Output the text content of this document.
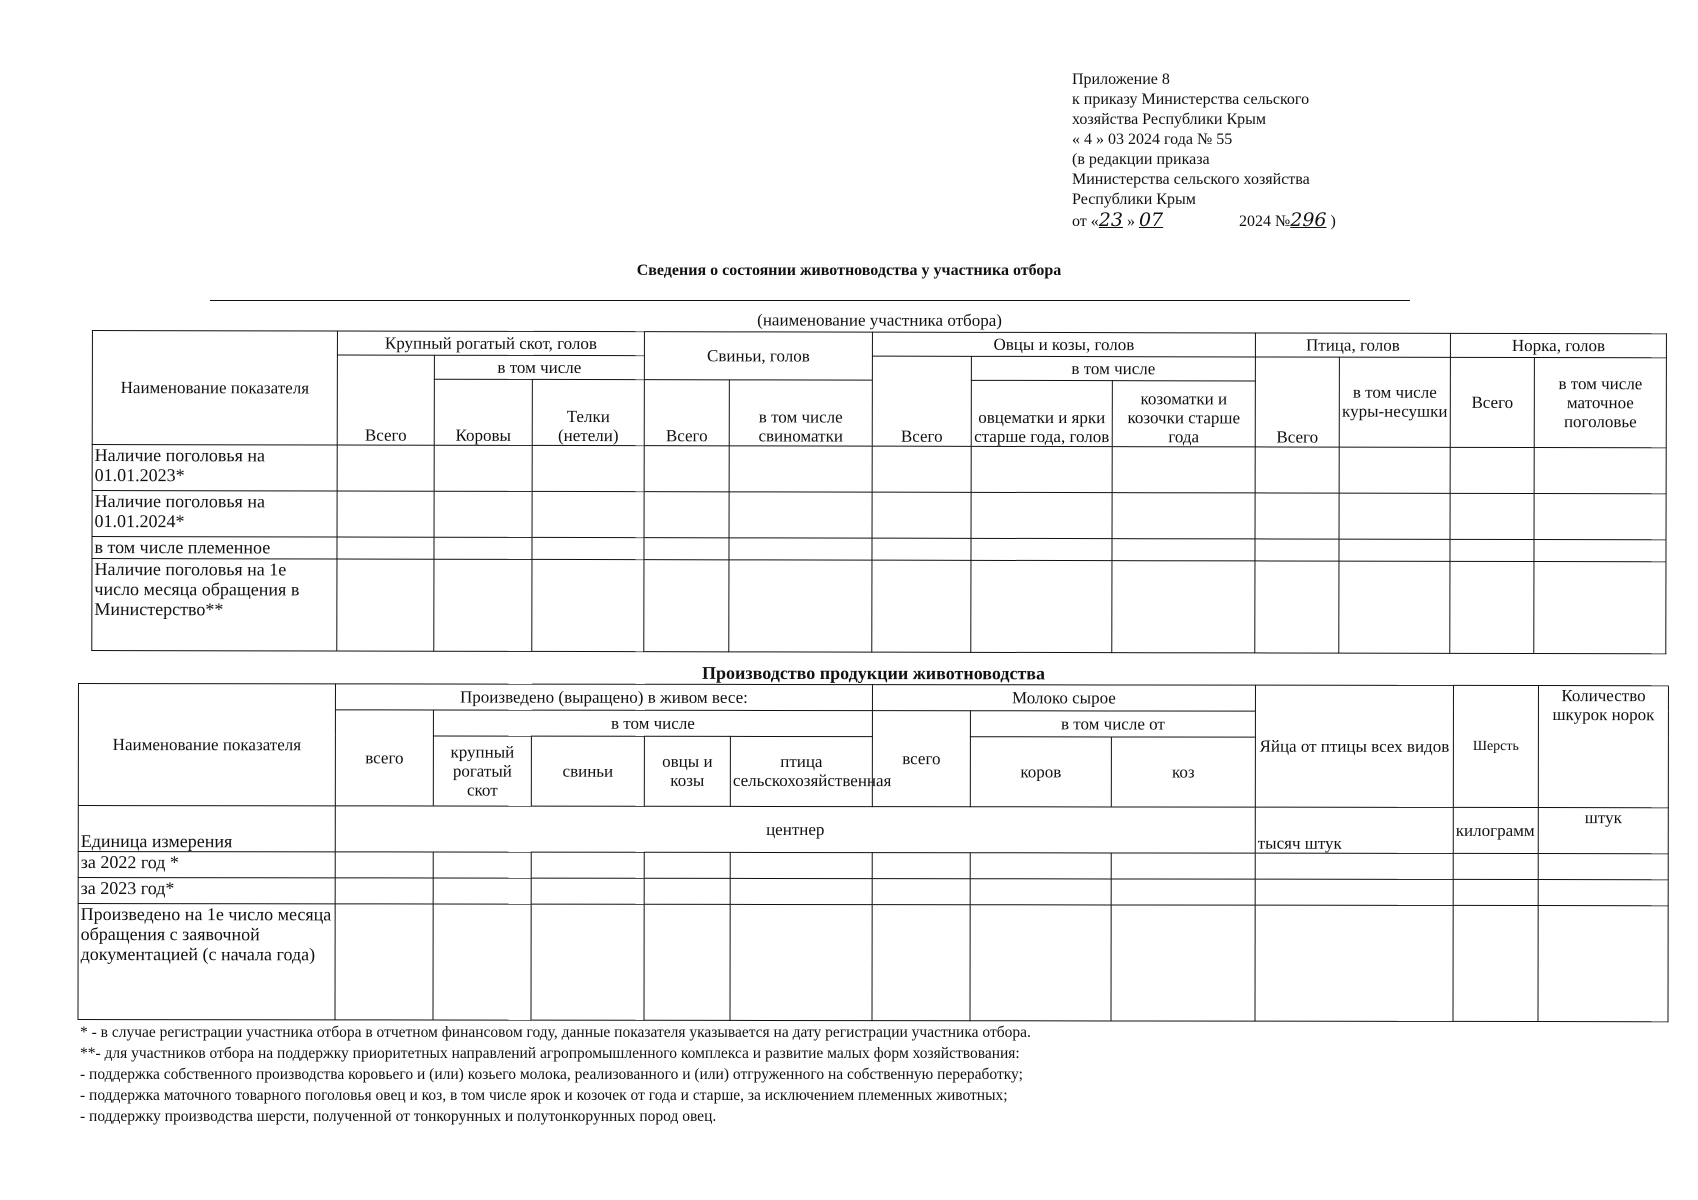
Приложение 8
к приказу Министерства сельского
хозяйства Республики Крым
« 4 » 03 2024 года № 55
(в редакции приказа
Министерства сельского хозяйства
Республики Крым
от «23 » 07	2024 №296 )
Сведения о состоянии животноводства у участника отбора
(наименование участника отбора)												
Наименование показателя	Крупный рогатый скот, голов			Свиньи, голов		Овцы и козы, голов			Птица, голов		Норка, голов	
	Всего	в том числе				Всего	в том числе		Всего	в том числе куры-несушки	Всего	в том числе маточное поголовье
		Коровы	Телки (нетели)	Всего	в том числе свиноматки		овцематки и ярки старше года, голов	козоматки и козочки старше года				
Наличие поголовья на 01.01.2023*												
Наличие поголовья на 01.01.2024*												
в том числе племенное												
Наличие поголовья на 1е число месяца обращения в Министерство**												
Производство продукции животноводства											
Наименование показателя	Произведено (выращено) в живом весе:					Молоко сырое			Яйца от птицы всех видов	Шерсть	Количество шкурок норок
	всего	в том числе				всего	в том числе от				
		крупный рогатый скот	свиньи	овцы и козы	птица сельскохозяйственная		коров	коз			
Единица измерения	центнер								тысяч штук	килограмм	штук
за 2022 год *											
за 2023 год*											
Произведено на 1е число месяца обращения с заявочной документацией (с начала года)											
* - в случае регистрации участника отбора в отчетном финансовом году, данные показателя указывается на дату регистрации участника отбора.
**- для участников отбора на поддержку приоритетных направлений агропромышленного комплекса и развитие малых форм хозяйствования:
- поддержка собственного производства коровьего и (или) козьего молока, реализованного и (или) отгруженного на собственную переработку;
- поддержка маточного товарного поголовья овец и коз, в том числе ярок и козочек от года и старше, за исключением племенных животных;
- поддержку производства шерсти, полученной от тонкорунных и полутонкорунных пород овец.
